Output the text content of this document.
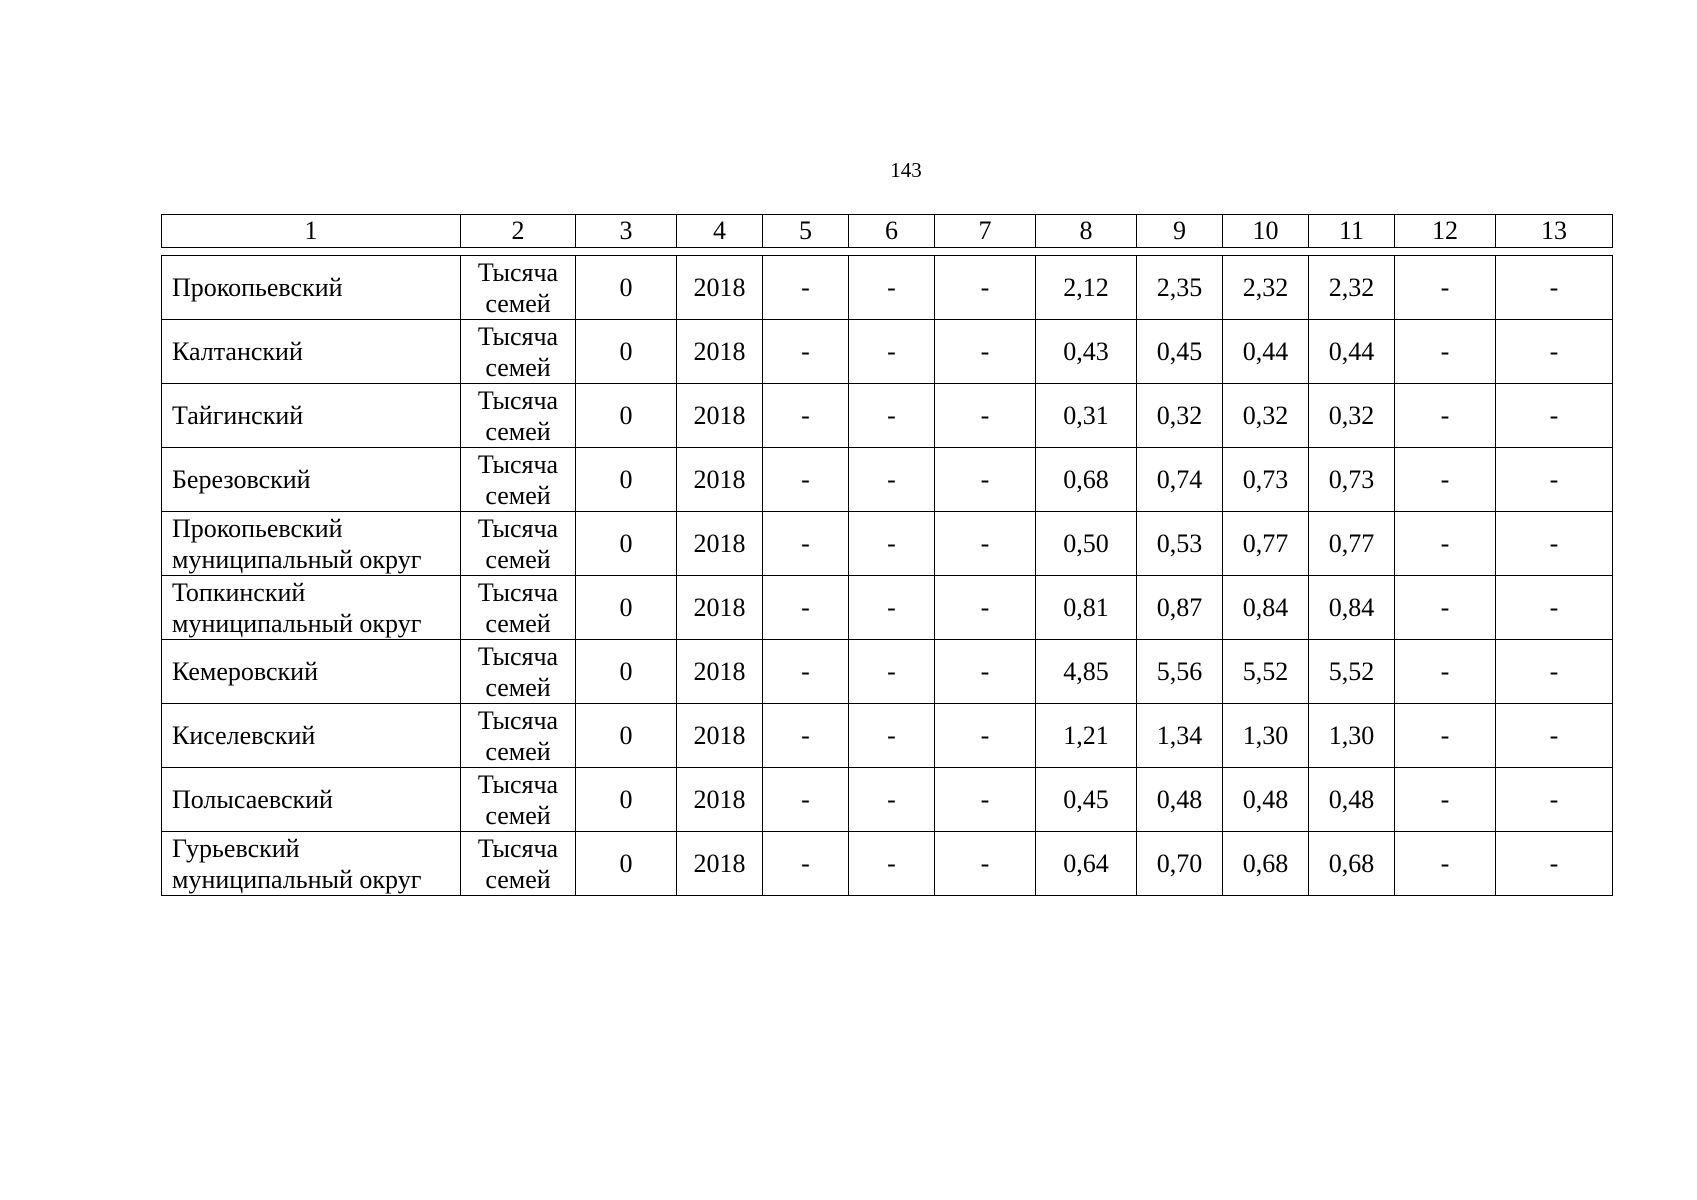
143
1	2	3	4	5	6	7	8	9	10	11	12	13
Прокопьевский	Тысяча семей	0	2018	-	-	-	2,12	2,35	2,32	2,32	-	-
Калтанский	Тысяча семей	0	2018	-	-	-	0,43	0,45	0,44	0,44	-	-
Тайгинский	Тысяча семей	0	2018	-	-	-	0,31	0,32	0,32	0,32	-	-
Березовский	Тысяча семей	0	2018	-	-	-	0,68	0,74	0,73	0,73	-	-
Прокопьевский муниципальный округ	Тысяча семей	0	2018	-	-	-	0,50	0,53	0,77	0,77	-	-
Топкинский муниципальный округ	Тысяча семей	0	2018	-	-	-	0,81	0,87	0,84	0,84	-	-
Кемеровский	Тысяча семей	0	2018	-	-	-	4,85	5,56	5,52	5,52	-	-
Киселевский	Тысяча семей	0	2018	-	-	-	1,21	1,34	1,30	1,30	-	-
Полысаевский	Тысяча семей	0	2018	-	-	-	0,45	0,48	0,48	0,48	-	-
Гурьевский муниципальный округ	Тысяча семей	0	2018	-	-	-	0,64	0,70	0,68	0,68	-	-
